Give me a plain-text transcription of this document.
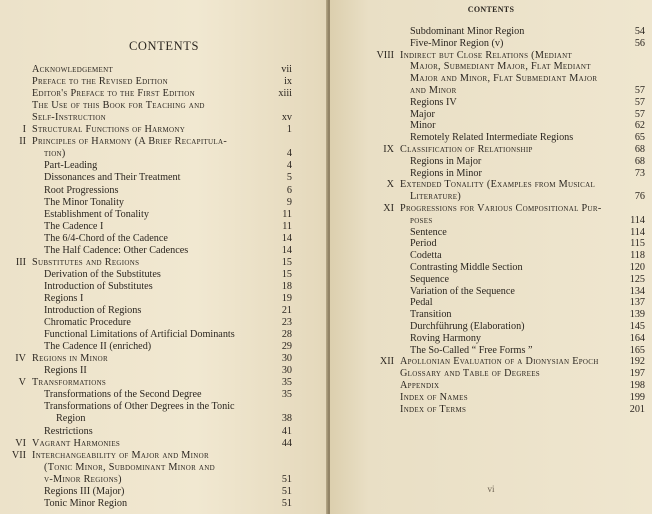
CONTENTS
Acknowledgement	vii
Preface to the Revised Edition	ix
Editor's Preface to the First Edition	xiii
The Use of this Book for Teaching and
Self-Instruction	xv
I Structural Functions of Harmony	1
II Principles of Harmony (A Brief Recapitula-
tion)	4
Part-Leading	4
Dissonances and Their Treatment	5
Root Progressions	6
The Minor Tonality	9
Establishment of Tonality	11
The Cadence I	11
The 6/4-Chord of the Cadence	14
The Half Cadence: Other Cadences	14
III Substitutes and Regions	15
Derivation of the Substitutes	15
Introduction of Substitutes	18
Regions I	19
Introduction of Regions	21
Chromatic Procedure	23
Functional Limitations of Artificial Dominants	28
The Cadence II (enriched)	29
IV Regions in Minor	30
Regions II	30
V Transformations	35
Transformations of the Second Degree	35
Transformations of Other Degrees in the Tonic
Region	38
Restrictions	41
VI Vagrant Harmonies	44
VII Interchangeability of Major and Minor
(Tonic Minor, Subdominant Minor and
v-Minor Regions)	51
Regions III (Major)	51
Tonic Minor Region	51
CONTENTS
Subdominant Minor Region	54
Five-Minor Region (v)	56
VIII Indirect but Close Relations (Mediant
Major, Submediant Major, Flat Mediant
Major and Minor, Flat Submediant Major
and Minor	57
Regions IV	57
Major	57
Minor	62
Remotely Related Intermediate Regions	65
IX Classification of Relationship	68
Regions in Major	68
Regions in Minor	73
X Extended Tonality (Examples from Musical
Literature)	76
XI Progressions for Various Compositional Pur-
poses	114
Sentence	114
Period	115
Codetta	118
Contrasting Middle Section	120
Sequence	125
Variation of the Sequence	134
Pedal	137
Transition	139
Durchführung (Elaboration)	145
Roving Harmony	164
The So-Called “ Free Forms ”	165
XII Apollonian Evaluation of a Dionysian Epoch	192
Glossary and Table of Degrees	197
Appendix	198
Index of Names	199
Index of Terms	201
vi
